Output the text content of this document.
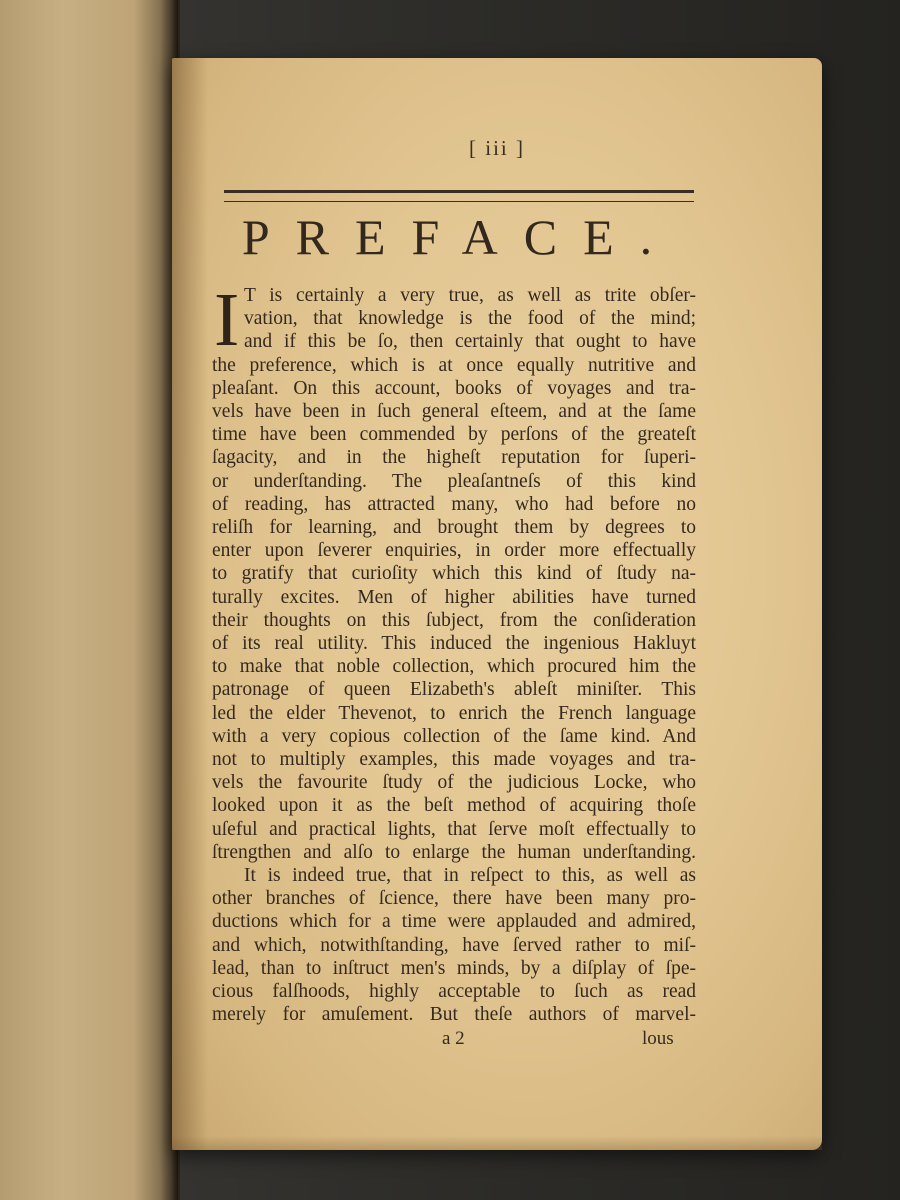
[ iii ]
PREFACE.
I T is certainly a very true, as well as trite obſer-
vation, that knowledge is the food of the mind;
and if this be ſo, then certainly that ought to have
the preference, which is at once equally nutritive and
pleaſant. On this account, books of voyages and tra-
vels have been in ſuch general eſteem, and at the ſame
time have been commended by perſons of the greateſt
ſagacity, and in the higheſt reputation for ſuperi-
or underſtanding. The pleaſantneſs of this kind
of reading, has attracted many, who had before no
reliſh for learning, and brought them by degrees to
enter upon ſeverer enquiries, in order more effectually
to gratify that curioſity which this kind of ſtudy na-
turally excites. Men of higher abilities have turned
their thoughts on this ſubject, from the conſideration
of its real utility. This induced the ingenious Hakluyt
to make that noble collection, which procured him the
patronage of queen Elizabeth's ableſt miniſter. This
led the elder Thevenot, to enrich the French language
with a very copious collection of the ſame kind. And
not to multiply examples, this made voyages and tra-
vels the favourite ſtudy of the judicious Locke, who
looked upon it as the beſt method of acquiring thoſe
uſeful and practical lights, that ſerve moſt effectually to
ſtrengthen and alſo to enlarge the human underſtanding.
It is indeed true, that in reſpect to this, as well as
other branches of ſcience, there have been many pro-
ductions which for a time were applauded and admired,
and which, notwithſtanding, have ſerved rather to miſ-
lead, than to inſtruct men's minds, by a diſplay of ſpe-
cious falſhoods, highly acceptable to ſuch as read
merely for amuſement. But theſe authors of marvel-
a 2	lous
